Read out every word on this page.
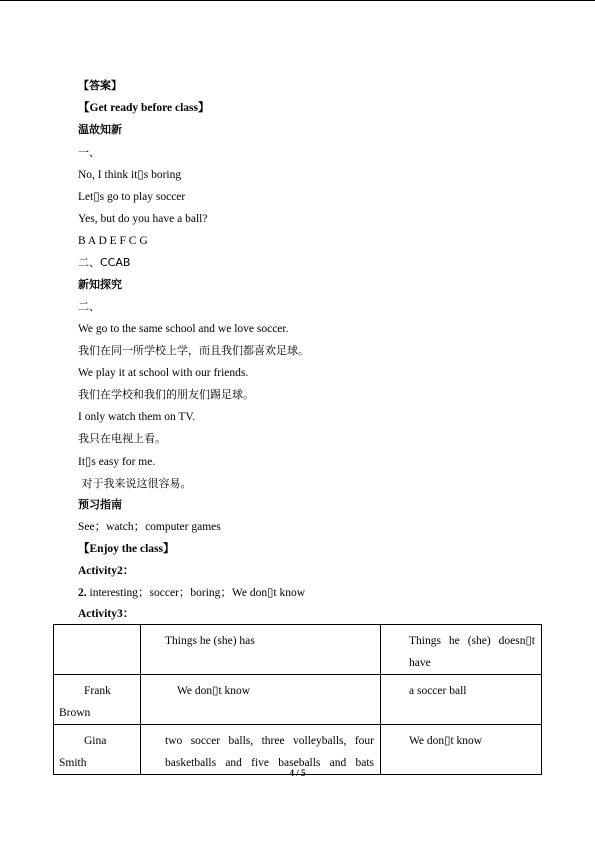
【答案】
【Get ready before class】
温故知新
一、
No, I think it▯s boring
Let▯s go to play soccer
Yes, but do you have a ball?
B A D E F C G
二、CCAB
新知探究
二、
We go to the same school and we love soccer.
我们在同一所学校上学，而且我们都喜欢足球。
We play it at school with our friends.
我们在学校和我们的朋友们踢足球。
I only watch them on TV.
我只在电视上看。
It▯s easy for me.
对于我来说这很容易。
预习指南
See；watch；computer games
【Enjoy the class】
Activity2：
2. interesting；soccer；boring；We don▯t know
Activity3：
	Things he (she) has	Things he (she) doesn▯t have

Frank
Brown	We don▯t know	a soccer ball

Gina
Smith	two soccer balls, three volleyballs, four basketballs and five baseballs and bats	We don▯t know
4 / 5
